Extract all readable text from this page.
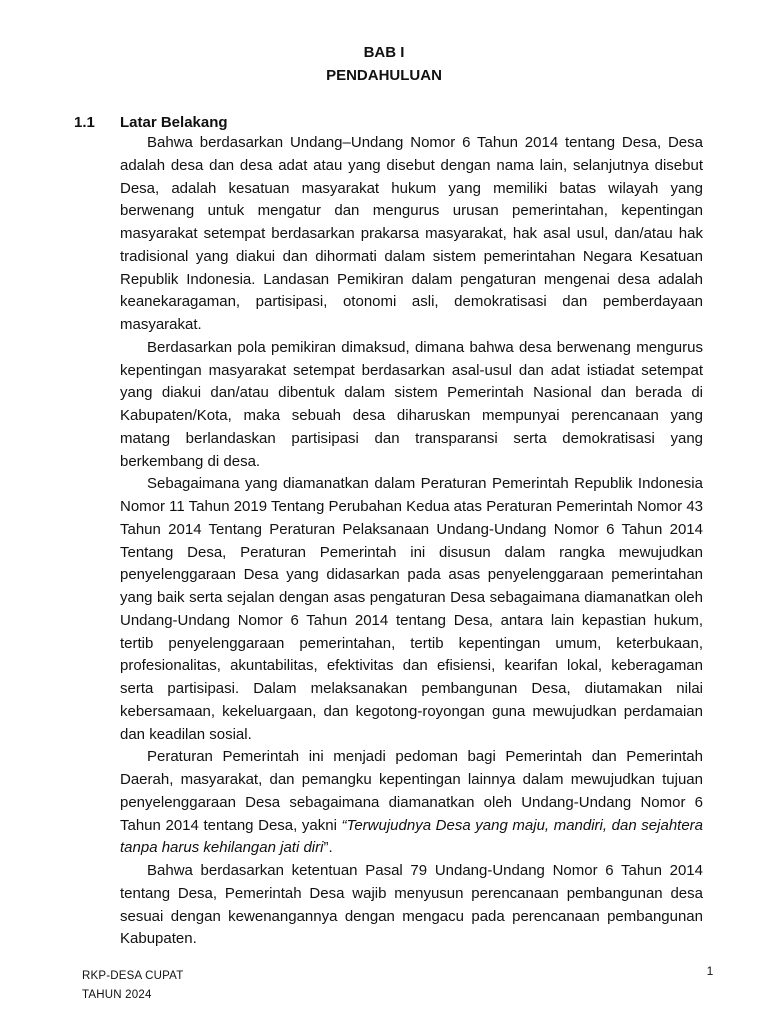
BAB I
PENDAHULUAN
1.1 Latar Belakang

Bahwa berdasarkan Undang–Undang Nomor 6 Tahun 2014 tentang Desa, Desa adalah desa dan desa adat atau yang disebut dengan nama lain, selanjutnya disebut Desa, adalah kesatuan masyarakat hukum yang memiliki batas wilayah yang berwenang untuk mengatur dan mengurus urusan pemerintahan, kepentingan masyarakat setempat berdasarkan prakarsa masyarakat, hak asal usul, dan/atau hak tradisional yang diakui dan dihormati dalam sistem pemerintahan Negara Kesatuan Republik Indonesia. Landasan Pemikiran dalam pengaturan mengenai desa adalah keanekaragaman, partisipasi, otonomi asli, demokratisasi dan pemberdayaan masyarakat.

Berdasarkan pola pemikiran dimaksud, dimana bahwa desa berwenang mengurus kepentingan masyarakat setempat berdasarkan asal-usul dan adat istiadat setempat yang diakui dan/atau dibentuk dalam sistem Pemerintah Nasional dan berada di Kabupaten/Kota, maka sebuah desa diharuskan mempunyai perencanaan yang matang berlandaskan partisipasi dan transparansi serta demokratisasi yang berkembang di desa.

Sebagaimana yang diamanatkan dalam Peraturan Pemerintah Republik Indonesia Nomor 11 Tahun 2019 Tentang Perubahan Kedua atas Peraturan Pemerintah Nomor 43 Tahun 2014 Tentang Peraturan Pelaksanaan Undang-Undang Nomor 6 Tahun 2014 Tentang Desa, Peraturan Pemerintah ini disusun dalam rangka mewujudkan penyelenggaraan Desa yang didasarkan pada asas penyelenggaraan pemerintahan yang baik serta sejalan dengan asas pengaturan Desa sebagaimana diamanatkan oleh Undang-Undang Nomor 6 Tahun 2014 tentang Desa, antara lain kepastian hukum, tertib penyelenggaraan pemerintahan, tertib kepentingan umum, keterbukaan, profesionalitas, akuntabilitas, efektivitas dan efisiensi, kearifan lokal, keberagaman serta partisipasi. Dalam melaksanakan pembangunan Desa, diutamakan nilai kebersamaan, kekeluargaan, dan kegotong-royongan guna mewujudkan perdamaian dan keadilan sosial.

Peraturan Pemerintah ini menjadi pedoman bagi Pemerintah dan Pemerintah Daerah, masyarakat, dan pemangku kepentingan lainnya dalam mewujudkan tujuan penyelenggaraan Desa sebagaimana diamanatkan oleh Undang-Undang Nomor 6 Tahun 2014 tentang Desa, yakni “Terwujudnya Desa yang maju, mandiri, dan sejahtera tanpa harus kehilangan jati diri”.

Bahwa berdasarkan ketentuan Pasal 79 Undang-Undang Nomor 6 Tahun 2014 tentang Desa, Pemerintah Desa wajib menyusun perencanaan pembangunan desa sesuai dengan kewenangannya dengan mengacu pada perencanaan pembangunan Kabupaten.

RKP-DESA CUPAT
TAHUN 2024
1
